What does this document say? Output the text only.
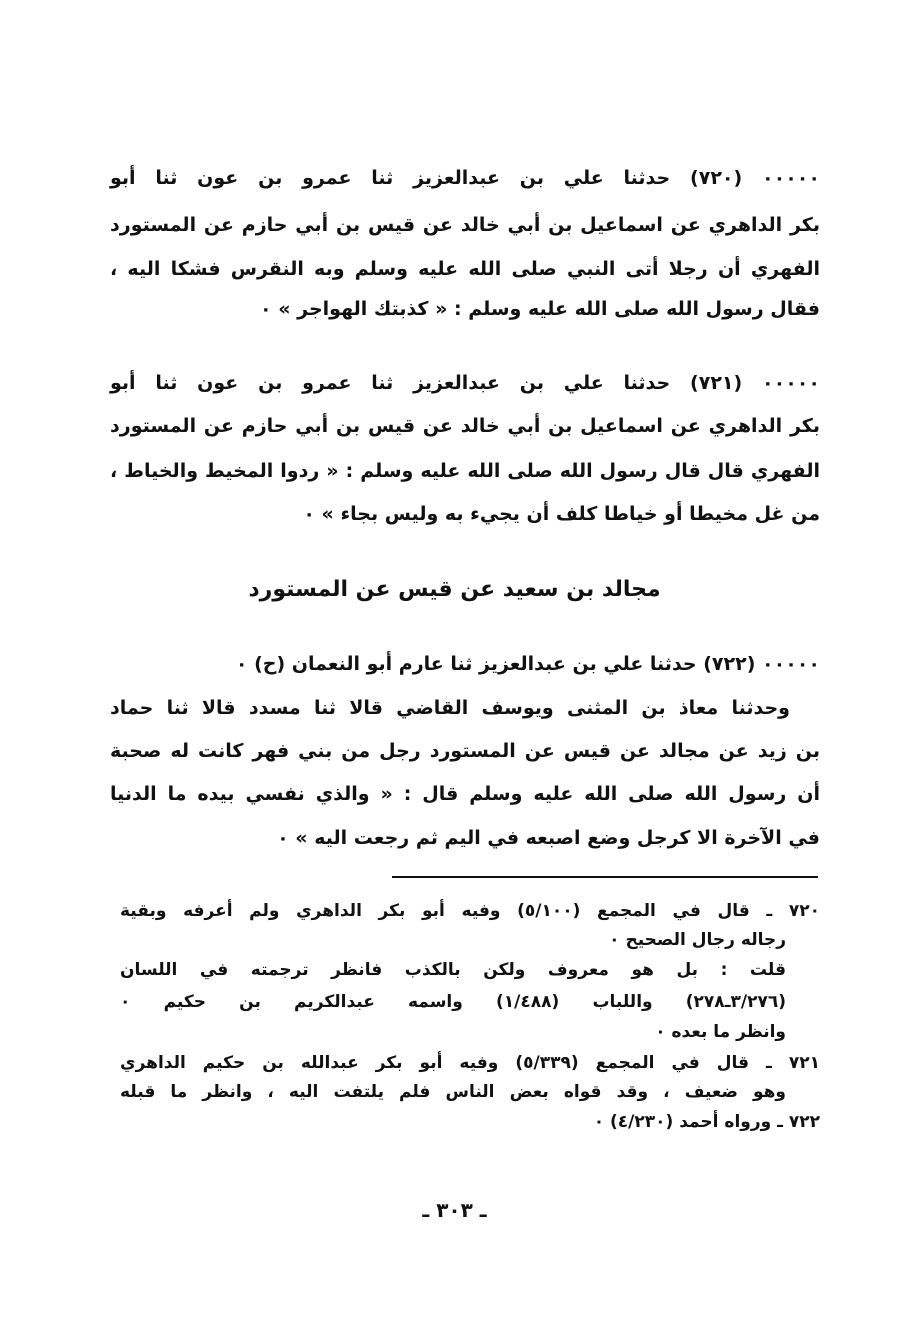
٠٠٠٠٠ (٧٢٠) حدثنا علي بن عبدالعزيز ثنا عمرو بن عون ثنا أبو
بكر الداهري عن اسماعيل بن أبي خالد عن قيس بن أبي حازم عن المستورد
الفهري أن رجلا أتى النبي صلى الله عليه وسلم وبه النقرس فشكا اليه ،
فقال رسول الله صلى الله عليه وسلم : « كذبتك الهواجر » ٠
٠٠٠٠٠ (٧٢١) حدثنا علي بن عبدالعزيز ثنا عمرو بن عون ثنا أبو
بكر الداهري عن اسماعيل بن أبي خالد عن قيس بن أبي حازم عن المستورد
الفهري قال قال رسول الله صلى الله عليه وسلم : « ردوا المخيط والخياط ،
من غل مخيطا أو خياطا كلف أن يجيء به وليس بجاء » ٠
مجالد بن سعيد عن قيس عن المستورد
٠٠٠٠٠ (٧٢٢) حدثنا علي بن عبدالعزيز ثنا عارم أبو النعمان (ح) ٠
وحدثنا معاذ بن المثنى ويوسف القاضي قالا ثنا مسدد قالا ثنا حماد
بن زيد عن مجالد عن قيس عن المستورد رجل من بني فهر كانت له صحبة
أن رسول الله صلى الله عليه وسلم قال : « والذي نفسي بيده ما الدنيا
في الآخرة الا كرجل وضع اصبعه في اليم ثم رجعت اليه » ٠
٧٢٠ ـ قال في المجمع (٥/١٠٠) وفيه أبو بكر الداهري ولم أعرفه وبقية
رجاله رجال الصحيح ٠
قلت : بل هو معروف ولكن بالكذب فانظر ترجمته في اللسان
(٣/٢٧٦ـ٢٧٨) واللباب (١/٤٨٨) واسمه عبدالكريم بن حكيم ٠
وانظر ما بعده ٠
٧٢١ ـ قال في المجمع (٥/٣٣٩) وفيه أبو بكر عبدالله بن حكيم الداهري
وهو ضعيف ، وقد قواه بعض الناس فلم يلتفت اليه ، وانظر ما قبله
٧٢٢ ـ ورواه أحمد (٤/٢٣٠) ٠
ـ ٣٠٣ ـ
